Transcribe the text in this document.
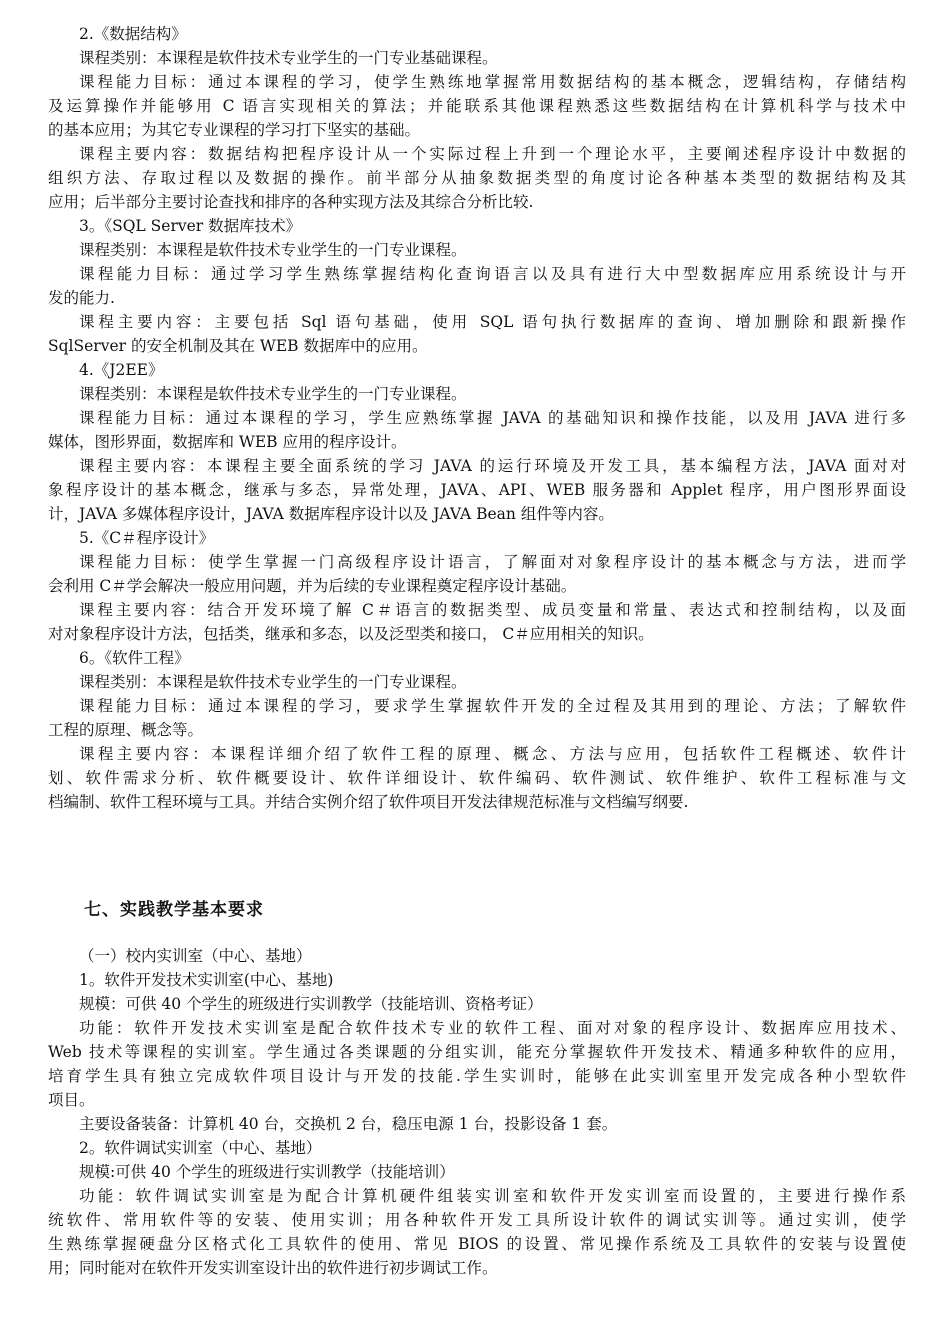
2.《数据结构》
课程类别：本课程是软件技术专业学生的一门专业基础课程。
课程能力目标：通过本课程的学习，使学生熟练地掌握常用数据结构的基本概念，逻辑结构，存储结构
及运算操作并能够用 C 语言实现相关的算法；并能联系其他课程熟悉这些数据结构在计算机科学与技术中
的基本应用；为其它专业课程的学习打下坚实的基础。
课程主要内容：数据结构把程序设计从一个实际过程上升到一个理论水平，主要阐述程序设计中数据的
组织方法、存取过程以及数据的操作。前半部分从抽象数据类型的角度讨论各种基本类型的数据结构及其
应用；后半部分主要讨论查找和排序的各种实现方法及其综合分析比较.
3。《SQL Server 数据库技术》
课程类别：本课程是软件技术专业学生的一门专业课程。
课程能力目标：通过学习学生熟练掌握结构化查询语言以及具有进行大中型数据库应用系统设计与开
发的能力.
课程主要内容：主要包括 Sql 语句基础，使用 SQL 语句执行数据库的查询、增加删除和跟新操作
SqlServer 的安全机制及其在 WEB 数据库中的应用。
4.《J2EE》
课程类别：本课程是软件技术专业学生的一门专业课程。
课程能力目标：通过本课程的学习，学生应熟练掌握 JAVA 的基础知识和操作技能，以及用 JAVA 进行多
媒体，图形界面，数据库和 WEB 应用的程序设计。
课程主要内容：本课程主要全面系统的学习 JAVA 的运行环境及开发工具，基本编程方法，JAVA 面对对
象程序设计的基本概念，继承与多态，异常处理，JAVA、API、WEB 服务器和 Applet 程序，用户图形界面设
计，JAVA 多媒体程序设计，JAVA 数据库程序设计以及 JAVA Bean 组件等内容。
5.《C＃程序设计》
课程能力目标：使学生掌握一门高级程序设计语言，了解面对对象程序设计的基本概念与方法，进而学
会利用 C＃学会解决一般应用问题，并为后续的专业课程奠定程序设计基础。
课程主要内容：结合开发环境了解 C＃语言的数据类型、成员变量和常量、表达式和控制结构，以及面
对对象程序设计方法，包括类，继承和多态，以及泛型类和接口， C＃应用相关的知识。
6。《软件工程》
课程类别：本课程是软件技术专业学生的一门专业课程。
课程能力目标：通过本课程的学习，要求学生掌握软件开发的全过程及其用到的理论、方法；了解软件
工程的原理、概念等。
课程主要内容：本课程详细介绍了软件工程的原理、概念、方法与应用，包括软件工程概述、软件计
划、软件需求分析、软件概要设计、软件详细设计、软件编码、软件测试、软件维护、软件工程标准与文
档编制、软件工程环境与工具。并结合实例介绍了软件项目开发法律规范标准与文档编写纲要.
七、实践教学基本要求
（一）校内实训室（中心、基地）
1。软件开发技术实训室(中心、基地)
规模：可供 40 个学生的班级进行实训教学（技能培训、资格考证）
功能：软件开发技术实训室是配合软件技术专业的软件工程、面对对象的程序设计、数据库应用技术、
Web 技术等课程的实训室。学生通过各类课题的分组实训，能充分掌握软件开发技术、精通多种软件的应用，
培育学生具有独立完成软件项目设计与开发的技能.学生实训时，能够在此实训室里开发完成各种小型软件
项目。
主要设备装备：计算机 40 台，交换机 2 台，稳压电源 1 台，投影设备 1 套。
2。软件调试实训室（中心、基地）
规模:可供 40 个学生的班级进行实训教学（技能培训）
功能：软件调试实训室是为配合计算机硬件组装实训室和软件开发实训室而设置的，主要进行操作系
统软件、常用软件等的安装、使用实训；用各种软件开发工具所设计软件的调试实训等。通过实训，使学
生熟练掌握硬盘分区格式化工具软件的使用、常见 BIOS 的设置、常见操作系统及工具软件的安装与设置使
用；同时能对在软件开发实训室设计出的软件进行初步调试工作。
